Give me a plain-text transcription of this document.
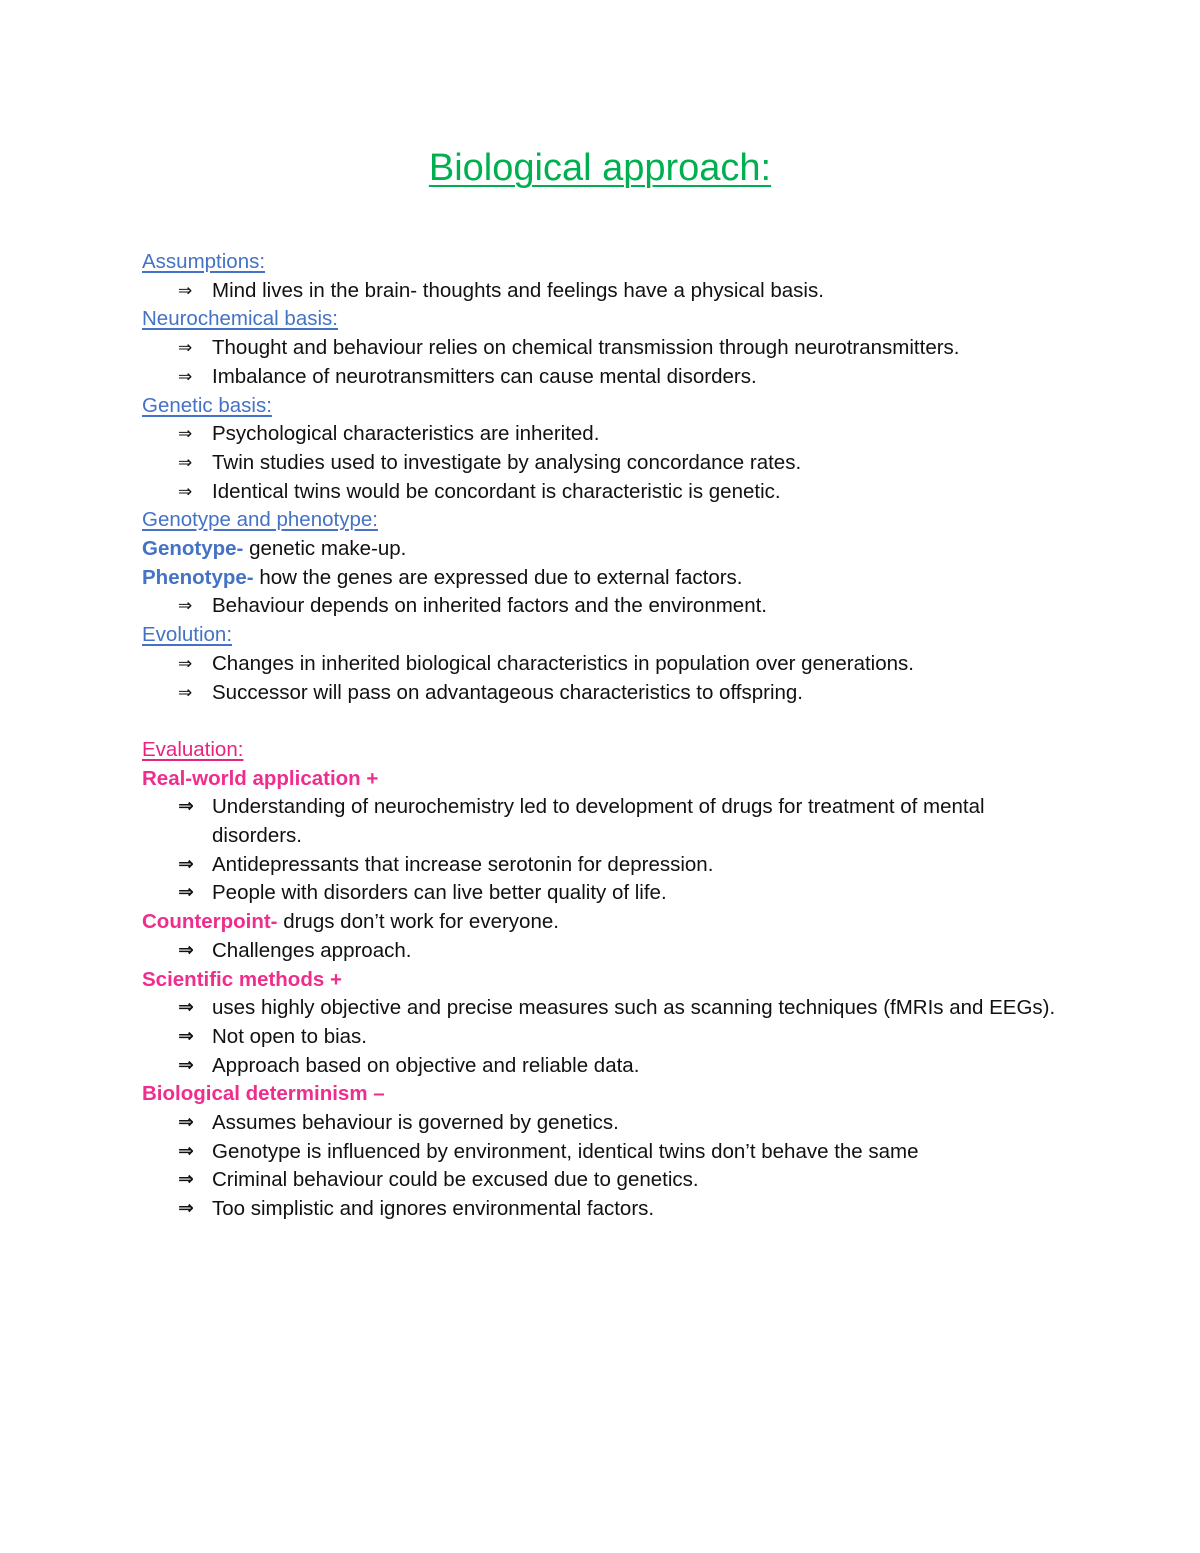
Biological approach:
Assumptions:
⇒ Mind lives in the brain- thoughts and feelings have a physical basis.
Neurochemical basis:
⇒ Thought and behaviour relies on chemical transmission through neurotransmitters.
⇒ Imbalance of neurotransmitters can cause mental disorders.
Genetic basis:
⇒ Psychological characteristics are inherited.
⇒ Twin studies used to investigate by analysing concordance rates.
⇒ Identical twins would be concordant is characteristic is genetic.
Genotype and phenotype:
Genotype- genetic make-up.
Phenotype- how the genes are expressed due to external factors.
⇒ Behaviour depends on inherited factors and the environment.
Evolution:
⇒ Changes in inherited biological characteristics in population over generations.
⇒ Successor will pass on advantageous characteristics to offspring.
Evaluation:
Real-world application +
⇒ Understanding of neurochemistry led to development of drugs for treatment of mental disorders.
⇒ Antidepressants that increase serotonin for depression.
⇒ People with disorders can live better quality of life.
Counterpoint- drugs don’t work for everyone.
⇒ Challenges approach.
Scientific methods +
⇒ uses highly objective and precise measures such as scanning techniques (fMRIs and EEGs).
⇒ Not open to bias.
⇒ Approach based on objective and reliable data.
Biological determinism –
⇒ Assumes behaviour is governed by genetics.
⇒ Genotype is influenced by environment, identical twins don’t behave the same
⇒ Criminal behaviour could be excused due to genetics.
⇒ Too simplistic and ignores environmental factors.
